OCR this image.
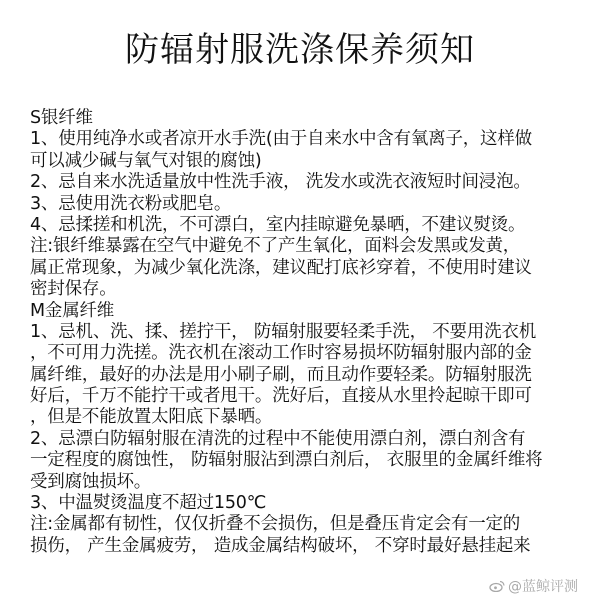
防辐射服洗涤保养须知
S银纤维
1、使用纯净水或者凉开水手洗(由于自来水中含有氧离子，这样做
可以减少碱与氧气对银的腐蚀)
2、忌自来水洗适量放中性洗手液， 洗发水或洗衣液短时间浸泡。
3、忌使用洗衣粉或肥皂。
4、忌揉搓和机洗，不可漂白，室内挂晾避免暴晒，不建议熨烫。
注:银纤维暴露在空气中避免不了产生氧化，面料会发黑或发黄，
属正常现象，为减少氧化洗涤，建议配打底衫穿着，不使用时建议
密封保存。
M金属纤维
1、忌机、洗、揉、搓拧干， 防辐射服要轻柔手洗， 不要用洗衣机
，不可用力洗搓。洗衣机在滚动工作时容易损坏防辐射服内部的金
属纤维，最好的办法是用小刷子刷，而且动作要轻柔。防辐射服洗
好后，千万不能拧干或者甩干。洗好后，直接从水里拎起晾干即可
，但是不能放置太阳底下暴晒。
2、忌漂白防辐射服在清洗的过程中不能使用漂白剂，漂白剂含有
一定程度的腐蚀性， 防辐射服沾到漂白剂后， 衣服里的金属纤维将
受到腐蚀损坏。
3、中温熨烫温度不超过150℃
注:金属都有韧性，仅仅折叠不会损伤，但是叠压肯定会有一定的
损伤， 产生金属疲劳， 造成金属结构破坏， 不穿时最好悬挂起来
@蓝鲸评测
